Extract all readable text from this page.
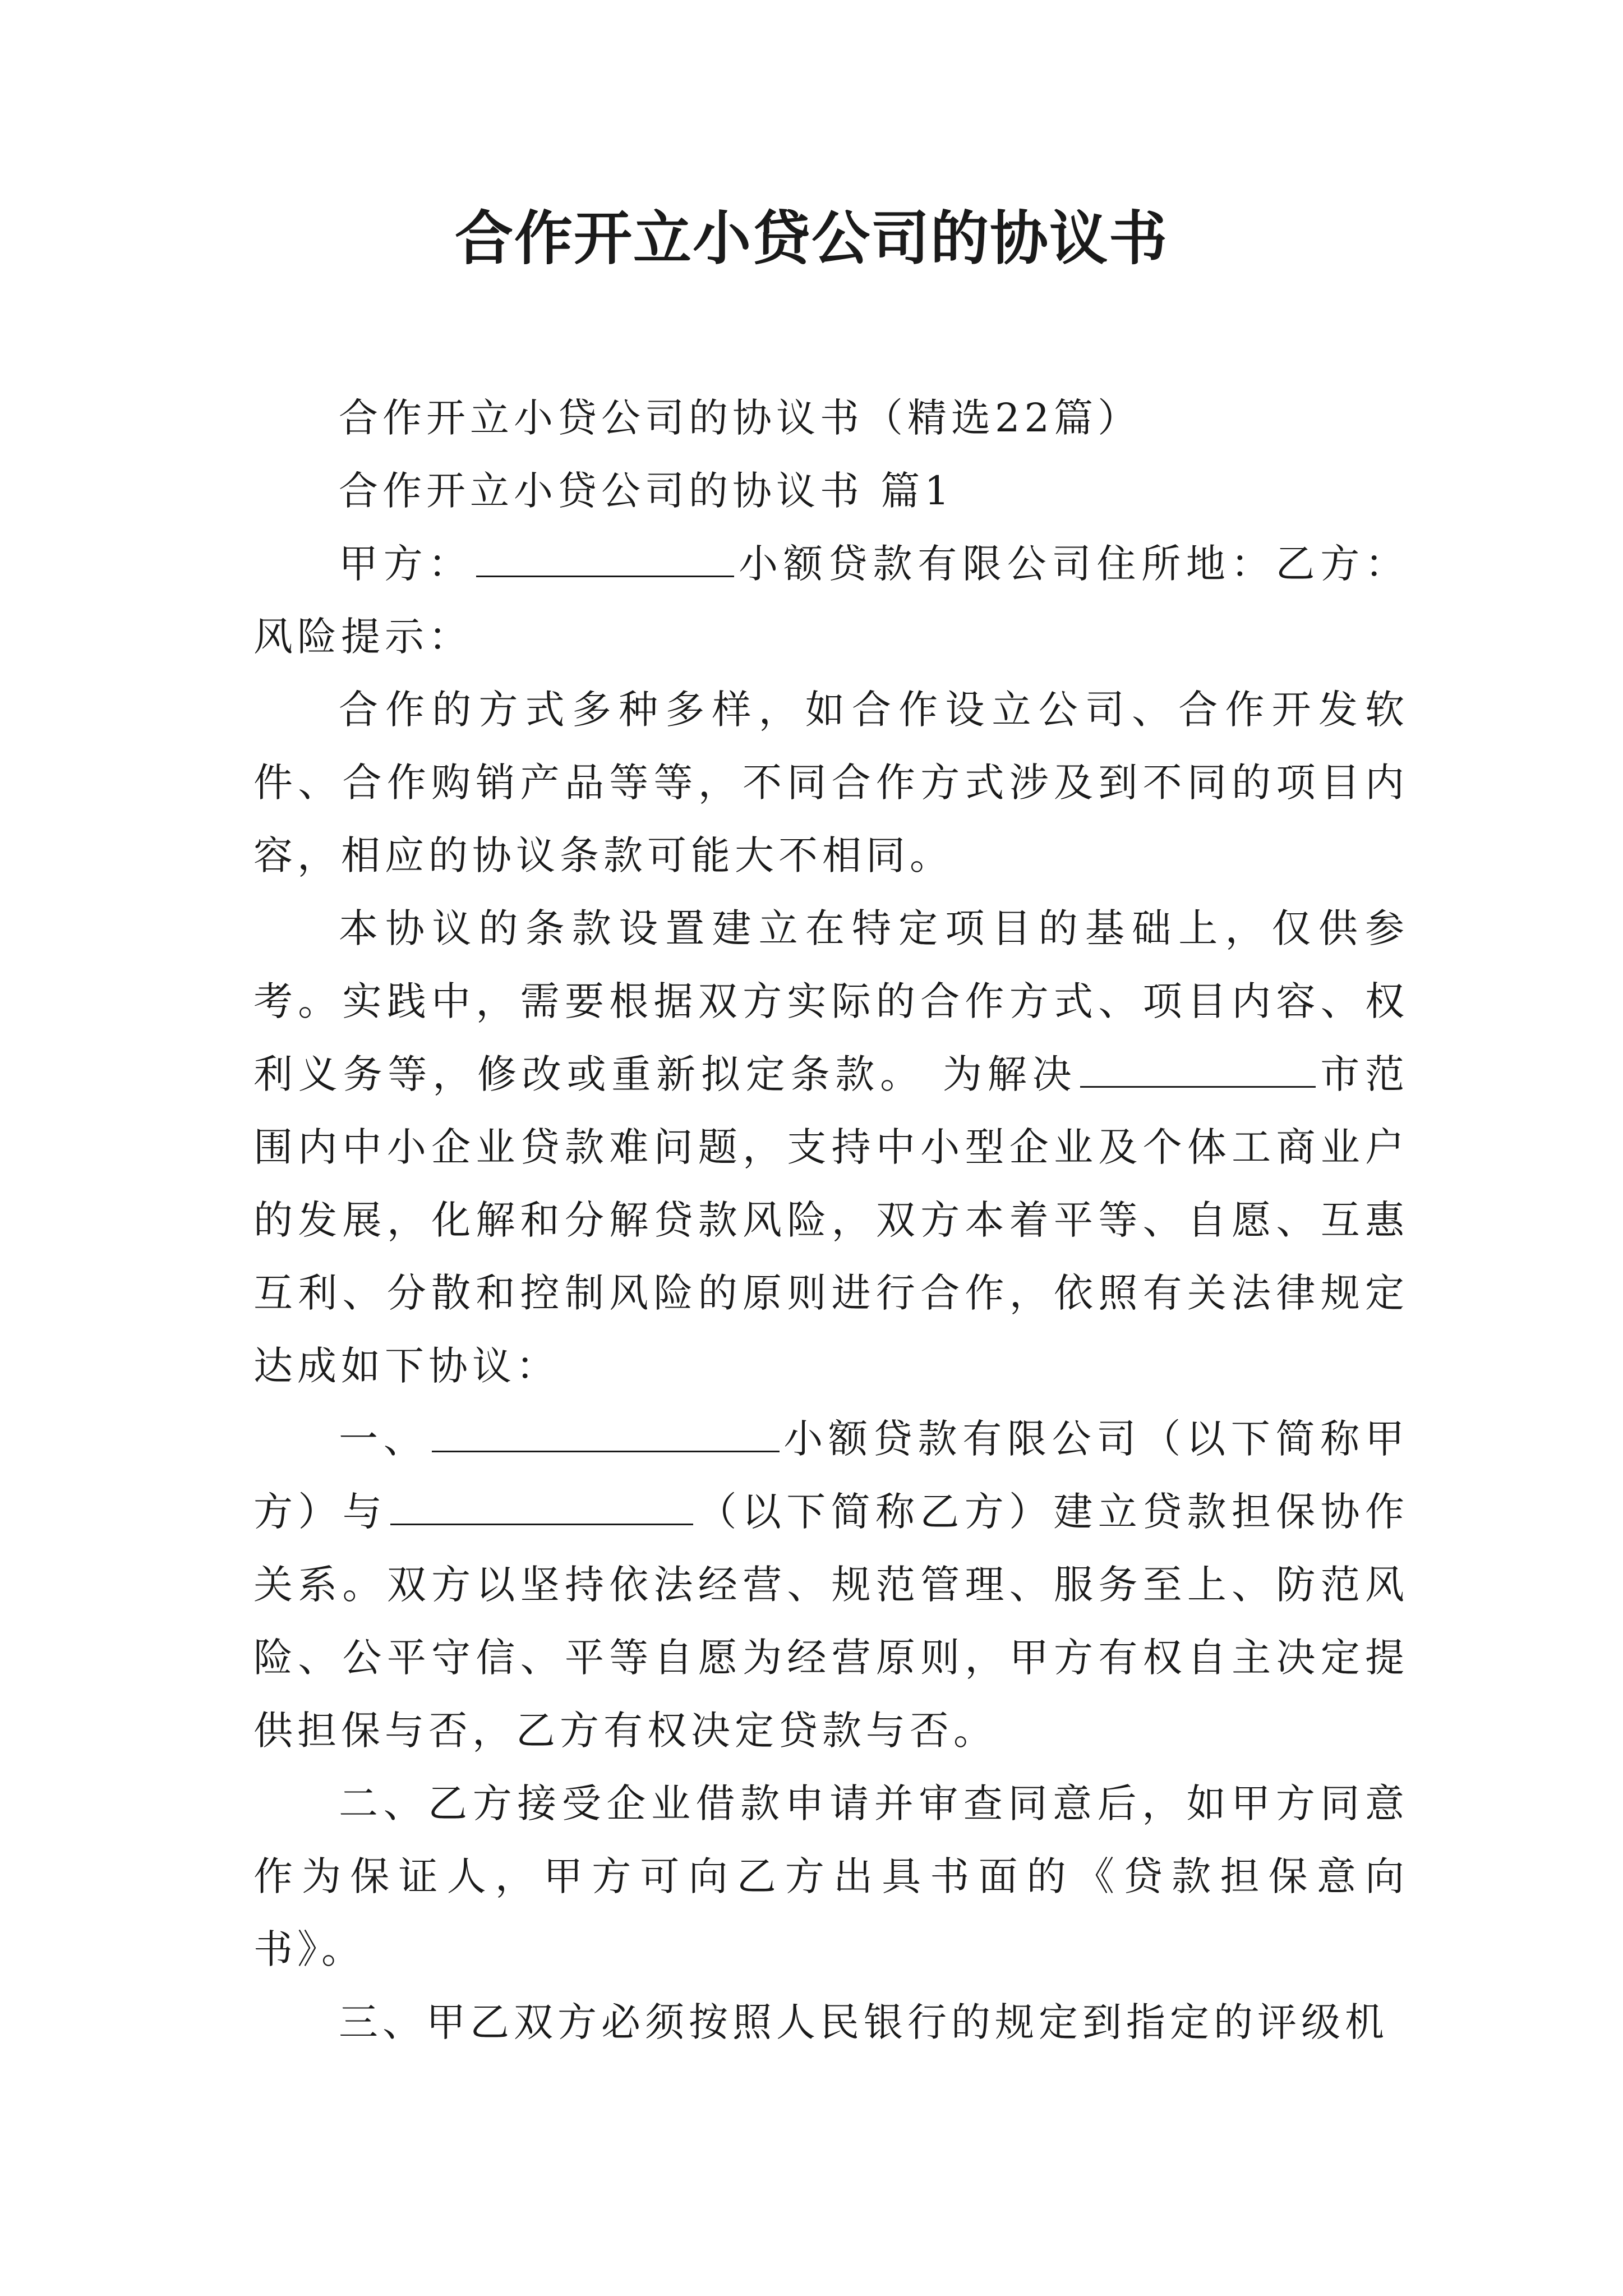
合作开立小贷公司的协议书

合作开立小贷公司的协议书（精选22篇）

合作开立小贷公司的协议书 篇1

甲方：	小额贷款有限公司住所地：乙方：风险提示：

合作的方式多种多样，如合作设立公司、合作开发软件、合作购销产品等等，不同合作方式涉及到不同的项目内容，相应的协议条款可能大不相同。

本协议的条款设置建立在特定项目的基础上，仅供参考。实践中，需要根据双方实际的合作方式、项目内容、权利义务等，修改或重新拟定条款。 为解决	市范围内中小企业贷款难问题，支持中小型企业及个体工商业户的发展，化解和分解贷款风险，双方本着平等、自愿、互惠互利、分散和控制风险的原则进行合作，依照有关法律规定达成如下协议：

一、	小额贷款有限公司（以下简称甲方）与	（以下简称乙方）建立贷款担保协作关系。双方以坚持依法经营、规范管理、服务至上、防范风险、公平守信、平等自愿为经营原则，甲方有权自主决定提供担保与否，乙方有权决定贷款与否。

二、乙方接受企业借款申请并审查同意后，如甲方同意作为保证人，甲方可向乙方出具书面的《贷款担保意向书》。

三、甲乙双方必须按照人民银行的规定到指定的评级机
